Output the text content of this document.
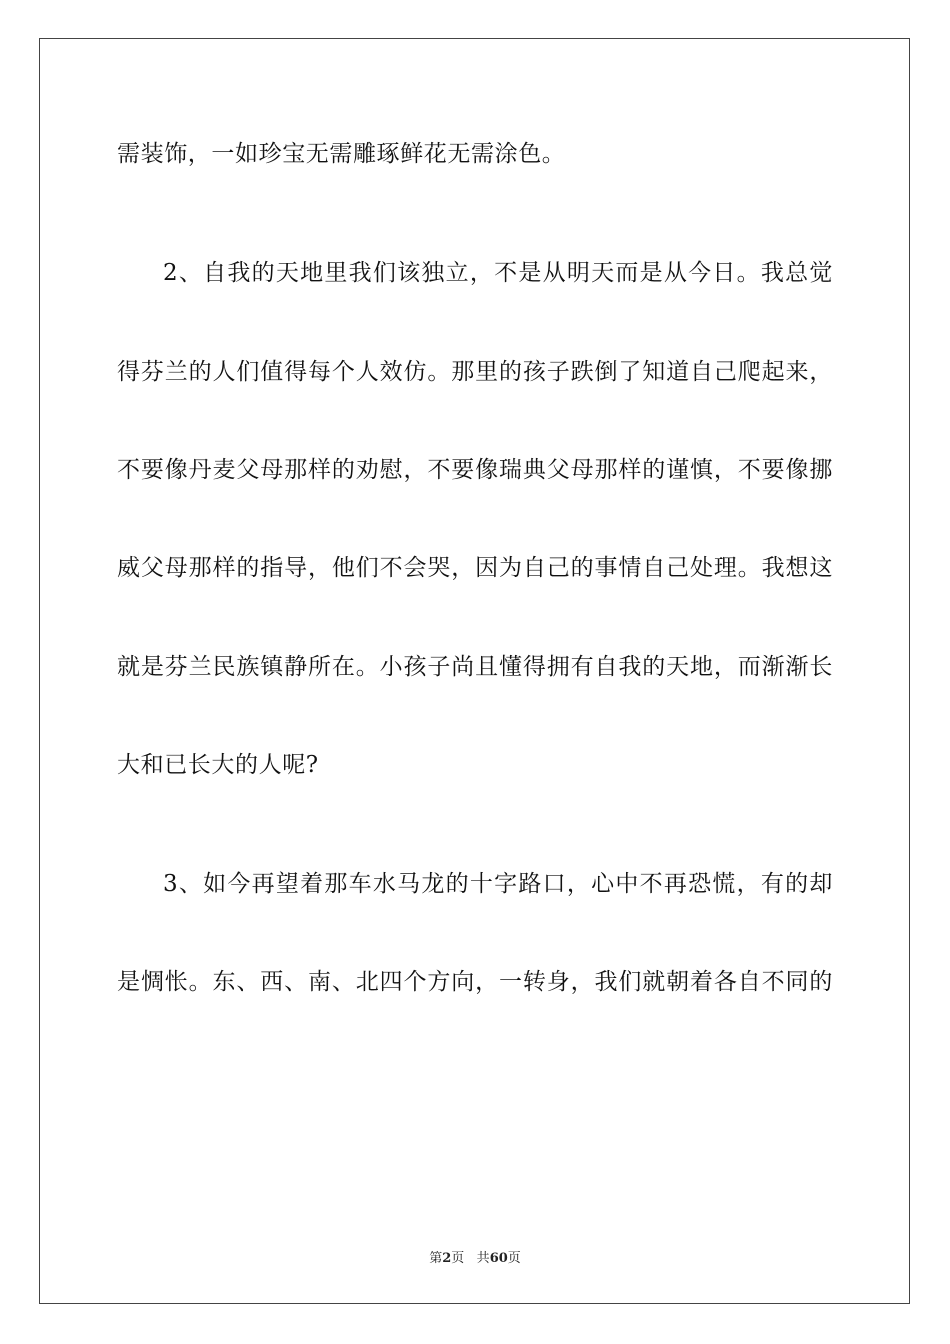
需装饰，一如珍宝无需雕琢鲜花无需涂色。
2、自我的天地里我们该独立，不是从明天而是从今日。我总觉
得芬兰的人们值得每个人效仿。那里的孩子跌倒了知道自己爬起来，
不要像丹麦父母那样的劝慰，不要像瑞典父母那样的谨慎，不要像挪
威父母那样的指导，他们不会哭，因为自己的事情自己处理。我想这
就是芬兰民族镇静所在。小孩子尚且懂得拥有自我的天地，而渐渐长
大和已长大的人呢?
3、如今再望着那车水马龙的十字路口，心中不再恐慌，有的却
是惆怅。东、西、南、北四个方向，一转身，我们就朝着各自不同的
第2页 共60页
